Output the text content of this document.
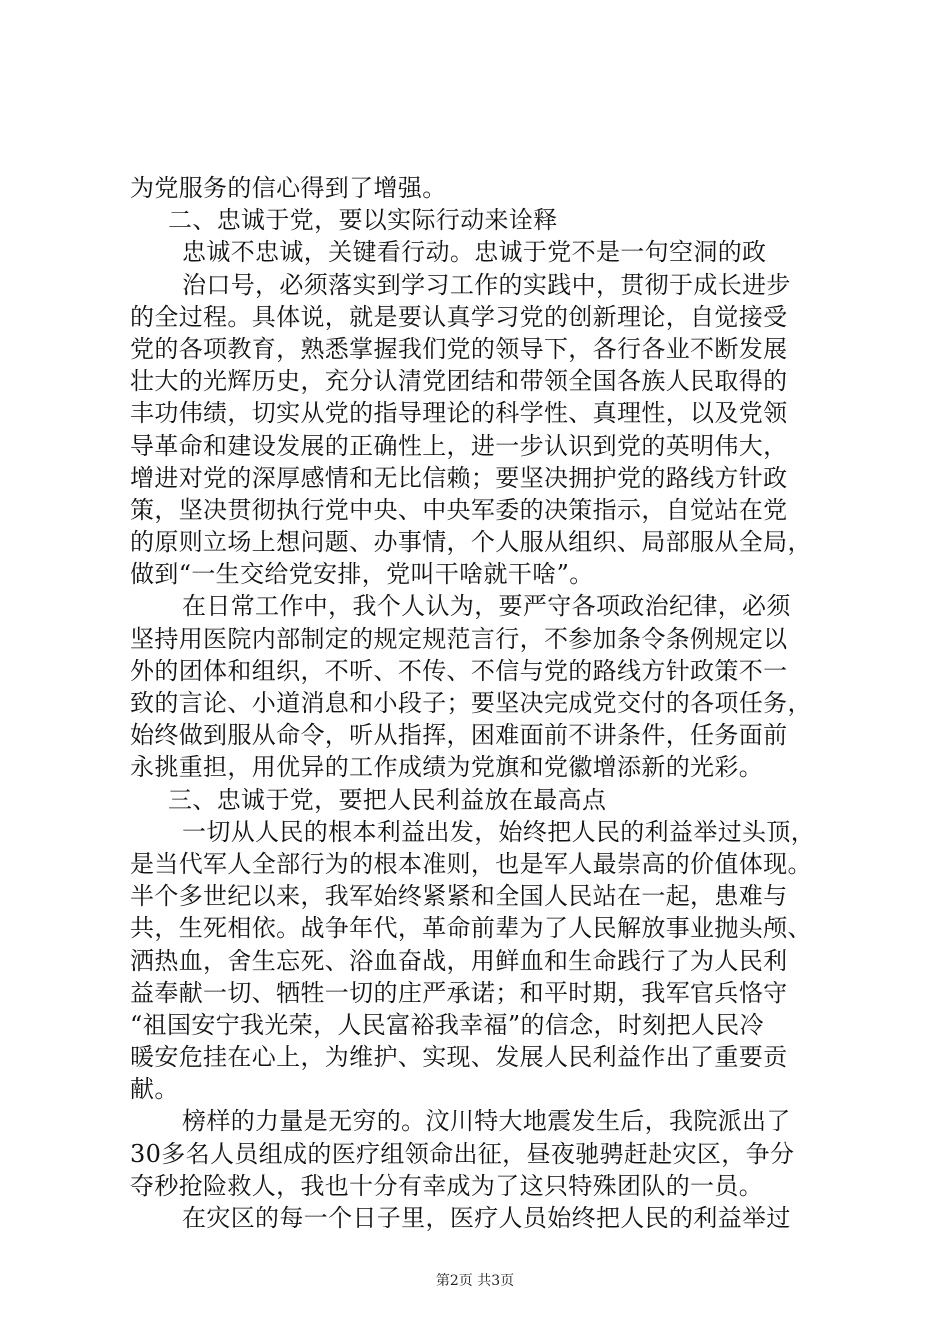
为党服务的信心得到了增强。
二、忠诚于党，要以实际行动来诠释
忠诚不忠诚，关键看行动。忠诚于党不是一句空洞的政
治口号，必须落实到学习工作的实践中，贯彻于成长进步
的全过程。具体说，就是要认真学习党的创新理论，自觉接受
党的各项教育，熟悉掌握我们党的领导下，各行各业不断发展
壮大的光辉历史，充分认清党团结和带领全国各族人民取得的
丰功伟绩，切实从党的指导理论的科学性、真理性，以及党领
导革命和建设发展的正确性上，进一步认识到党的英明伟大，
增进对党的深厚感情和无比信赖；要坚决拥护党的路线方针政
策，坚决贯彻执行党中央、中央军委的决策指示，自觉站在党
的原则立场上想问题、办事情，个人服从组织、局部服从全局，
做到“一生交给党安排，党叫干啥就干啥”。
在日常工作中，我个人认为，要严守各项政治纪律，必须
坚持用医院内部制定的规定规范言行，不参加条令条例规定以
外的团体和组织，不听、不传、不信与党的路线方针政策不一
致的言论、小道消息和小段子；要坚决完成党交付的各项任务，
始终做到服从命令，听从指挥，困难面前不讲条件，任务面前
永挑重担，用优异的工作成绩为党旗和党徽增添新的光彩。
三、忠诚于党，要把人民利益放在最高点
一切从人民的根本利益出发，始终把人民的利益举过头顶，
是当代军人全部行为的根本准则，也是军人最崇高的价值体现。
半个多世纪以来，我军始终紧紧和全国人民站在一起，患难与
共，生死相依。战争年代，革命前辈为了人民解放事业抛头颅、
洒热血，舍生忘死、浴血奋战，用鲜血和生命践行了为人民利
益奉献一切、牺牲一切的庄严承诺；和平时期，我军官兵恪守
“祖国安宁我光荣，人民富裕我幸福”的信念，时刻把人民冷
暖安危挂在心上，为维护、实现、发展人民利益作出了重要贡
献。
榜样的力量是无穷的。汶川特大地震发生后，我院派出了
30多名人员组成的医疗组领命出征，昼夜驰骋赶赴灾区，争分
夺秒抢险救人，我也十分有幸成为了这只特殊团队的一员。
在灾区的每一个日子里，医疗人员始终把人民的利益举过
第2页 共3页
